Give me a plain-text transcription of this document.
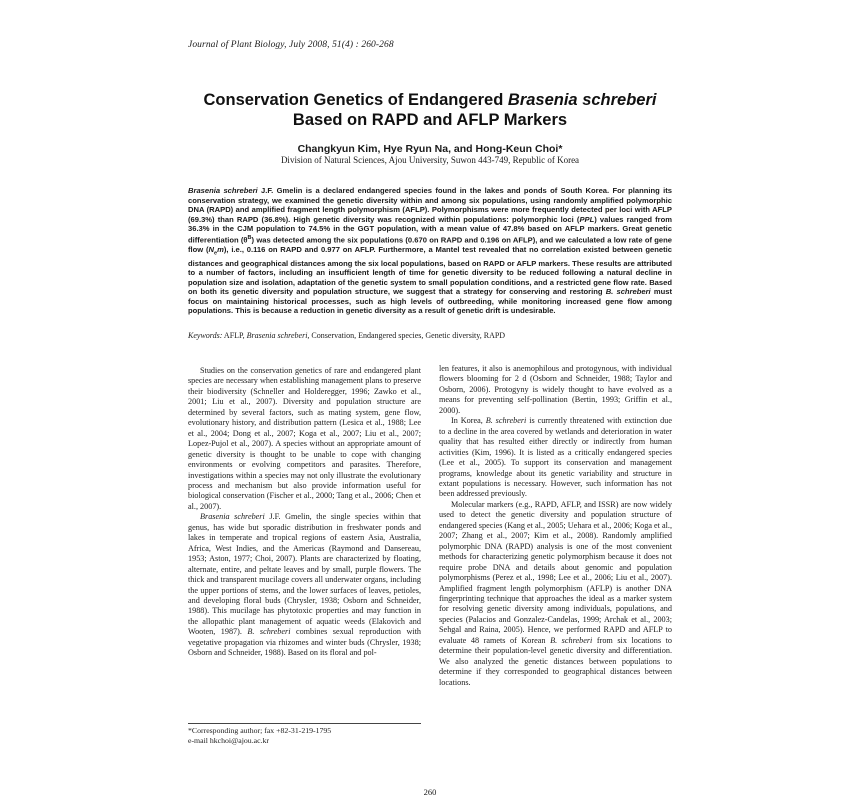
Journal of Plant Biology, July 2008, 51(4) : 260-268
Conservation Genetics of Endangered Brasenia schreberi
Based on RAPD and AFLP Markers
Changkyun Kim, Hye Ryun Na, and Hong-Keun Choi*
Division of Natural Sciences, Ajou University, Suwon 443-749, Republic of Korea

Brasenia schreberi J.F. Gmelin is a declared endangered species found in the lakes and ponds of South Korea. For planning its conservation strategy, we examined the genetic diversity within and among six populations, using randomly amplified polymorphic DNA (RAPD) and amplified fragment length polymorphism (AFLP). Polymorphisms were more frequently detected per loci with AFLP (69.3%) than RAPD (36.8%). High genetic diversity was recognized within populations: polymorphic loci (PPL) values ranged from 36.3% in the CJM population to 74.5% in the GGT population, with a mean value of 47.8% based on AFLP markers. Great genetic differentiation $(\theta^B)$ was detected among the six populations (0.670 on RAPD and 0.196 on AFLP), and we calculated a low rate of gene flow $(N_em)$, i.e., 0.116 on RAPD and 0.977 on AFLP. Furthermore, a Mantel test revealed that no correlation existed between genetic distances and geographical distances among the six local populations, based on RAPD or AFLP markers. These results are attributed to a number of factors, including an insufficient length of time for genetic diversity to be reduced following a natural decline in population size and isolation, adaptation of the genetic system to small population conditions, and a restricted gene flow rate. Based on both its genetic diversity and population structure, we suggest that a strategy for conserving and restoring B. schreberi must focus on maintaining historical processes, such as high levels of outbreeding, while monitoring increased gene flow among populations. This is because a reduction in genetic diversity as a result of genetic drift is undesirable.

Keywords: AFLP, Brasenia schreberi, Conservation, Endangered species, Genetic diversity, RAPD

Studies on the conservation genetics of rare and endangered plant species are necessary when establishing management plans to preserve their biodiversity (Schneller and Holderegger, 1996; Zawko et al., 2001; Liu et al., 2007). Diversity and population structure are determined by several factors, such as mating system, gene flow, evolutionary history, and distribution pattern (Lesica et al., 1988; Lee et al., 2004; Dong et al., 2007; Koga et al., 2007; Liu et al., 2007; Lopez-Pujol et al., 2007). A species without an appropriate amount of genetic diversity is thought to be unable to cope with changing environments or evolving competitors and parasites. Therefore, investigations within a species may not only illustrate the evolutionary process and mechanism but also provide information useful for biological conservation (Fischer et al., 2000; Tang et al., 2006; Chen et al., 2007).

Brasenia schreberi J.F. Gmelin, the single species within that genus, has wide but sporadic distribution in freshwater ponds and lakes in temperate and tropical regions of eastern Asia, Australia, Africa, West Indies, and the Americas (Raymond and Dansereau, 1953; Aston, 1977; Choi, 2007). Plants are characterized by floating, alternate, entire, and peltate leaves and by small, purple flowers. The thick and transparent mucilage covers all underwater organs, including the upper portions of stems, and the lower surfaces of leaves, petioles, and developing floral buds (Chrysler, 1938; Osborn and Schneider, 1988). This mucilage has phytotoxic properties and may function in the allopathic plant management of aquatic weeds (Elakovich and Wooten, 1987). B. schreberi combines sexual reproduction with vegetative propagation via rhizomes and winter buds (Chrysler, 1938; Osborn and Schneider, 1988). Based on its floral and pol-

len features, it also is anemophilous and protogynous, with individual flowers blooming for 2 d (Osborn and Schneider, 1988; Taylor and Osborn, 2006). Protogyny is widely thought to have evolved as a means for preventing self-pollination (Bertin, 1993; Griffin et al., 2000).

In Korea, B. schreberi is currently threatened with extinction due to a decline in the area covered by wetlands and deterioration in water quality that has resulted either directly or indirectly from human activities (Kim, 1996). It is listed as a critically endangered species (Lee et al., 2005). To support its conservation and management programs, knowledge about its genetic variability and structure in extant populations is necessary. However, such information has not been addressed previously.

Molecular markers (e.g., RAPD, AFLP, and ISSR) are now widely used to detect the genetic diversity and population structure of endangered species (Kang et al., 2005; Uehara et al., 2006; Koga et al., 2007; Zhang et al., 2007; Kim et al., 2008). Randomly amplified polymorphic DNA (RAPD) analysis is one of the most convenient methods for characterizing genetic polymorphism because it does not require probe DNA and details about genomic and population polymorphisms (Perez et al., 1998; Lee et al., 2006; Liu et al., 2007). Amplified fragment length polymorphism (AFLP) is another DNA fingerprinting technique that approaches the ideal as a marker system for resolving genetic diversity among individuals, populations, and species (Palacios and Gonzalez-Candelas, 1999; Archak et al., 2003; Sehgal and Raina, 2005). Hence, we performed RAPD and AFLP to evaluate 48 ramets of Korean B. schreberi from six locations to determine their population-level genetic diversity and differentiation. We also analyzed the genetic distances between populations to determine if they corresponded to geographical distances between locations.

*Corresponding author; fax +82-31-219-1795
e-mail hkchoi@ajou.ac.kr
260
